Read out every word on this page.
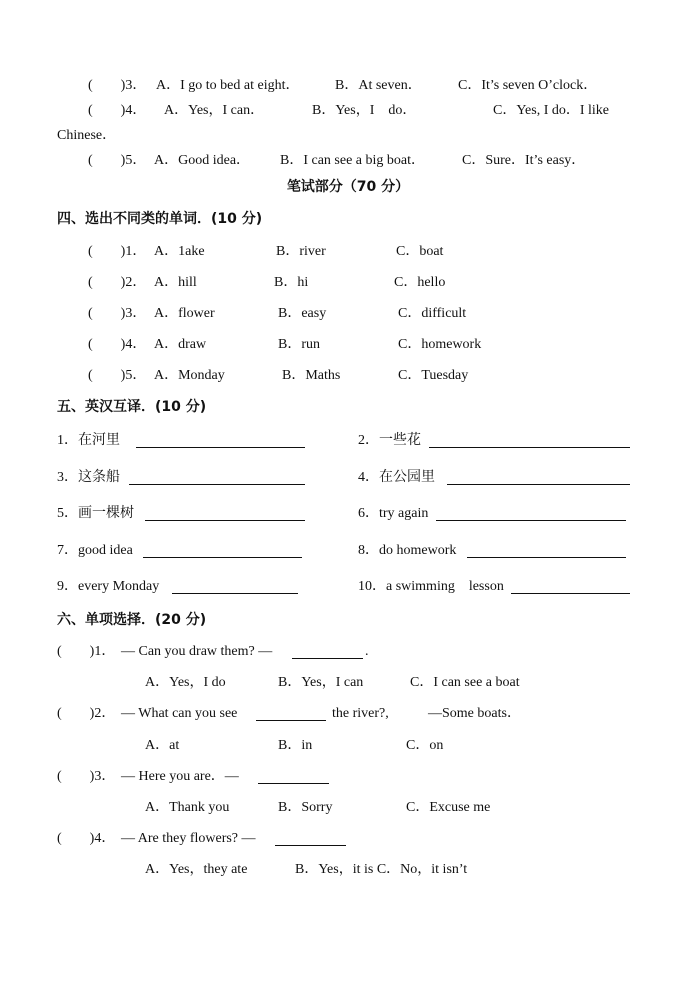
(　　)3． A．I go to bed at eight．	B．At seven．	C．It’s seven O’clock．
(　　)4． A．Yes，I can．	B．Yes，I　do．	C．Yes, I do．I like
Chinese．
(　　)5． A．Good idea． B．I can see a big boat．	C．Sure．It’s easy．
笔试部分（70 分）
四、选出不同类的单词．(10 分)
(　　)1． A．1ake	B．river	C．boat
(　　)2． A．hill	B．hi	C．hello
(　　)3． A．flower	B．easy	C．difficult
(　　)4． A．draw	B．run	C．homework
(　　)5． A．Monday	B．Maths	C．Tuesday
五、英汉互译．(10 分)
1．在河里	2．一些花
3．这条船	4．在公园里
5．画一棵树	6．try again
7．good idea	8．do homework
9．every Monday	10．a swimming　lesson
六、单项选择．(20 分)
(　　)1． — Can you draw them? —	.
A．Yes，I do	B．Yes，I can	C．I can see a boat
(　　)2． — What can you see	the river?,	—Some boats．
A．at	B．in	C．on
(　　)3． — Here you are．—
A．Thank you	B．Sorry	C．Excuse me
(　　)4． — Are they flowers? —
A．Yes，they ate	B．Yes，it is C．No，it isn’t
